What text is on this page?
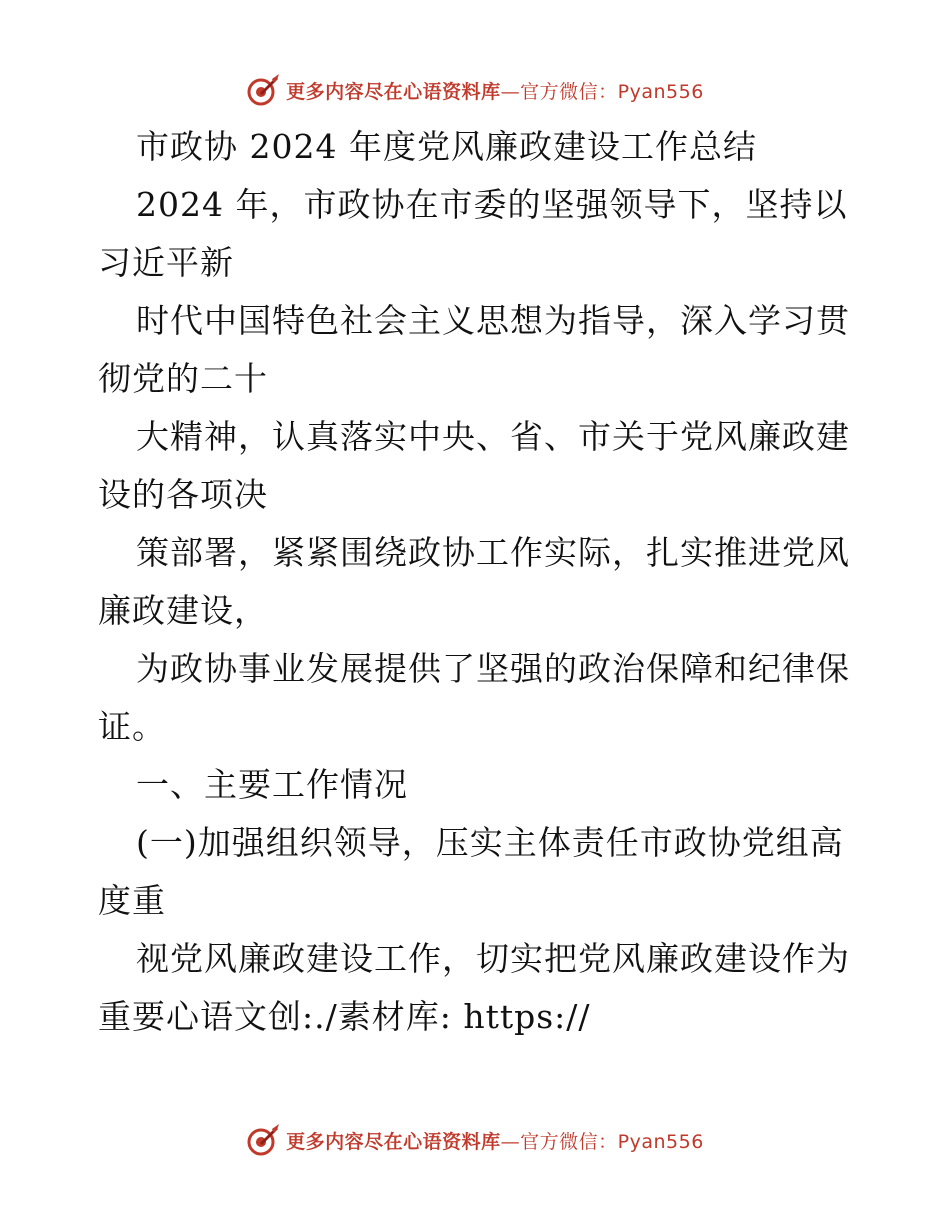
更多内容尽在心语资料库—官方微信：Pyan556
市政协 2024 年度党风廉政建设工作总结
2024 年，市政协在市委的坚强领导下，坚持以
习近平新
时代中国特色社会主义思想为指导，深入学习贯
彻党的二十
大精神，认真落实中央、省、市关于党风廉政建
设的各项决
策部署，紧紧围绕政协工作实际，扎实推进党风
廉政建设，
为政协事业发展提供了坚强的政治保障和纪律保
证。
一、主要工作情况
(一)加强组织领导，压实主体责任市政协党组高
度重
视党风廉政建设工作，切实把党风廉政建设作为
重要心语文创:./素材库: https://
更多内容尽在心语资料库—官方微信：Pyan556
